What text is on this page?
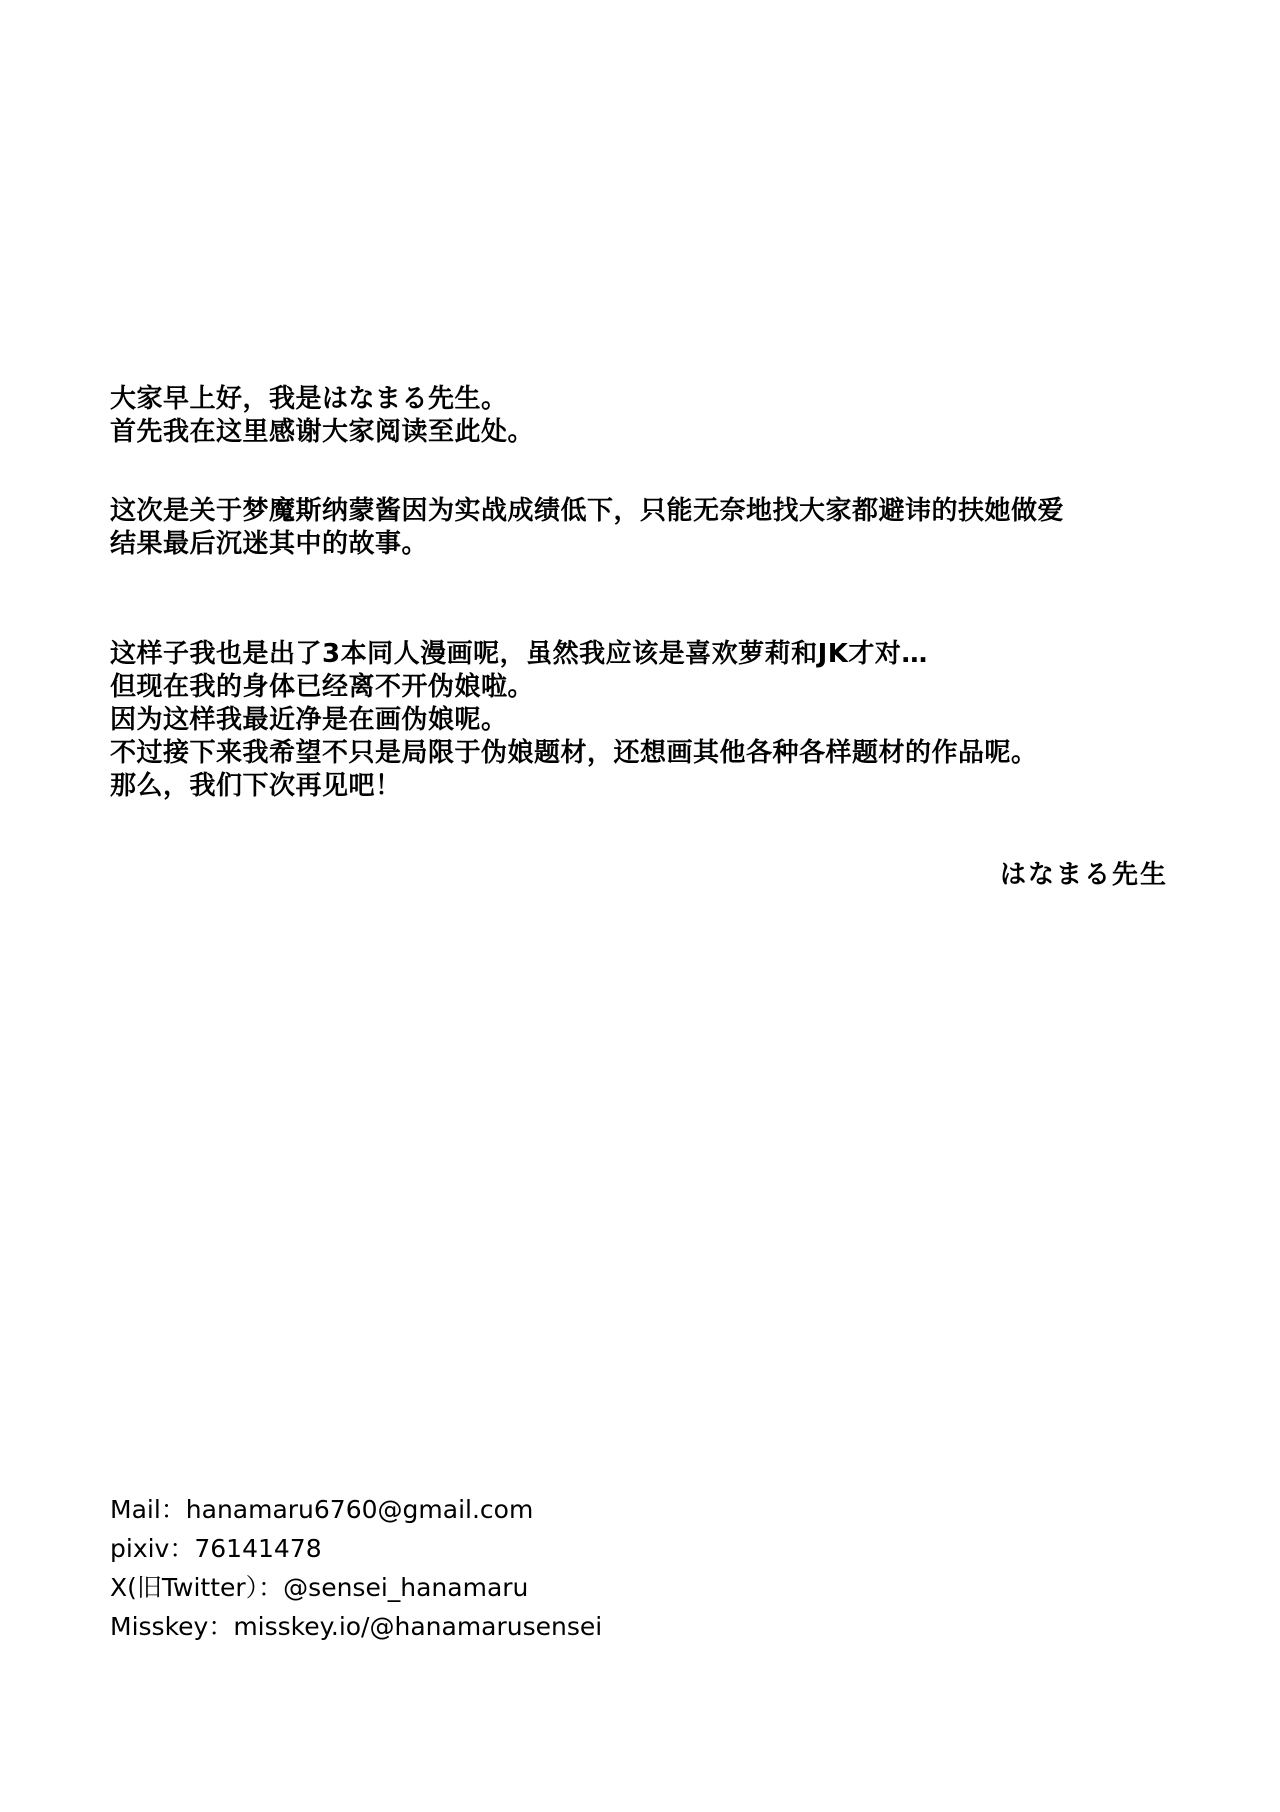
大家早上好，我是はなまる先生。
首先我在这里感谢大家阅读至此处。
这次是关于梦魔斯纳蒙酱因为实战成绩低下，只能无奈地找大家都避讳的扶她做爱
结果最后沉迷其中的故事。
这样子我也是出了3本同人漫画呢，虽然我应该是喜欢萝莉和JK才对…
但现在我的身体已经离不开伪娘啦。
因为这样我最近净是在画伪娘呢。
不过接下来我希望不只是局限于伪娘题材，还想画其他各种各样题材的作品呢。
那么，我们下次再见吧！
はなまる先生
Mail：hanamaru6760@gmail.com
pixiv：76141478
X(旧Twitter）：@sensei_hanamaru
Misskey：misskey.io/@hanamarusensei
